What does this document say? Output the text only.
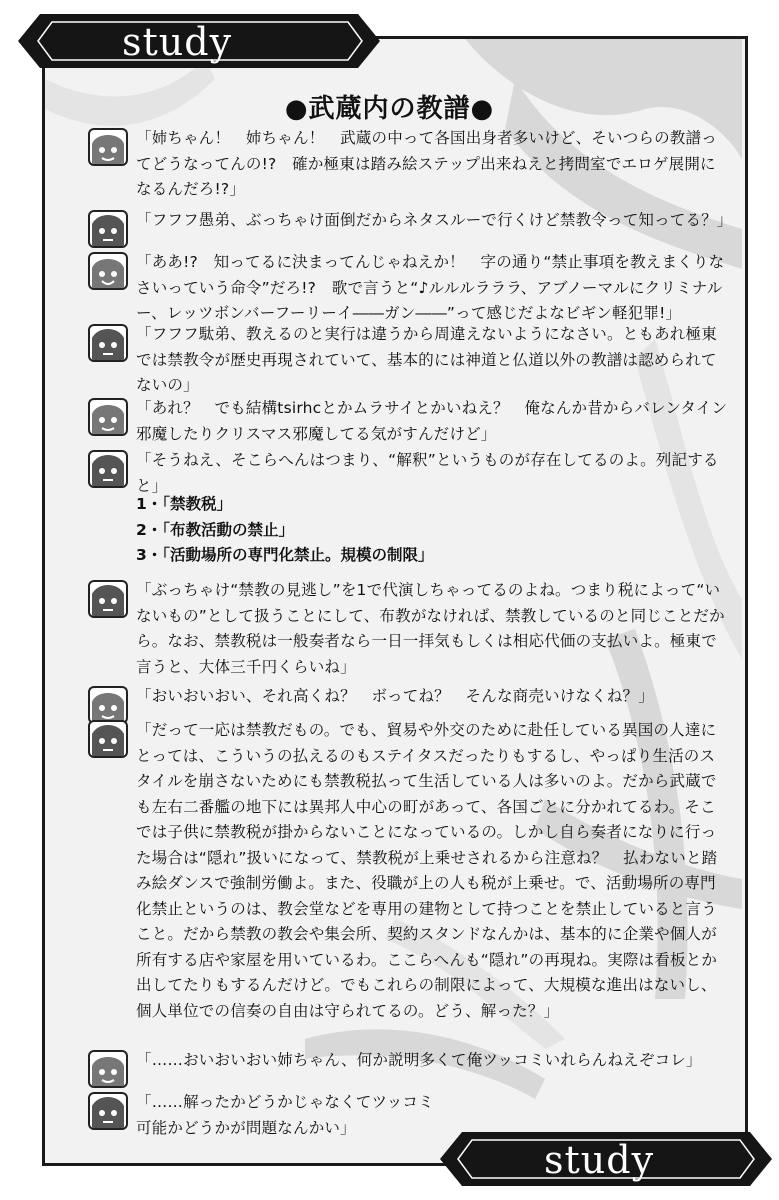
study
●武蔵内の教譜●
「姉ちゃん！　姉ちゃん！　武蔵の中って各国出身者多いけど、そいつらの教譜ってどうなってんの!?　確か極東は踏み絵ステップ出来ねえと拷問室でエロゲ展開になるんだろ!?」
「フフフ愚弟、ぶっちゃけ面倒だからネタスルーで行くけど禁教令って知ってる？」
「ああ!?　知ってるに決まってんじゃねえか！　字の通り“禁止事項を教えまくりなさいっていう命令”だろ!?　歌で言うと“♪ルルルラララ、アブノーマルにクリミナルー、レッツボンバーフーリーイ――ガン――”って感じだよなビギン軽犯罪!」
「フフフ駄弟、教えるのと実行は違うから周違えないようになさい。ともあれ極東では禁教令が歴史再現されていて、基本的には神道と仏道以外の教譜は認められてないの」
「あれ？　でも結構tsirhcとかムラサイとかいねえ？　俺なんか昔からバレンタイン邪魔したりクリスマス邪魔してる気がすんだけど」
「そうねえ、そこらへんはつまり、“解釈”というものが存在してるのよ。列記すると」
1・「禁教税」
2・「布教活動の禁止」
3・「活動場所の専門化禁止。規模の制限」
「ぶっちゃけ“禁教の見逃し”を1で代演しちゃってるのよね。つまり税によって“いないもの”として扱うことにして、布教がなければ、禁教しているのと同じことだから。なお、禁教税は一般奏者なら一日一拝気もしくは相応代価の支払いよ。極東で言うと、大体三千円くらいね」
「おいおいおい、それ高くね？　ボってね？　そんな商売いけなくね？」
「だって一応は禁教だもの。でも、貿易や外交のために赴任している異国の人達にとっては、こういうの払えるのもステイタスだったりもするし、やっぱり生活のスタイルを崩さないためにも禁教税払って生活している人は多いのよ。だから武蔵でも左右二番艦の地下には異邦人中心の町があって、各国ごとに分かれてるわ。そこでは子供に禁教税が掛からないことになっているの。しかし自ら奏者になりに行った場合は“隠れ”扱いになって、禁教税が上乗せされるから注意ね？　払わないと踏み絵ダンスで強制労働よ。また、役職が上の人も税が上乗せ。で、活動場所の専門化禁止というのは、教会堂などを専用の建物として持つことを禁止していると言うこと。だから禁教の教会や集会所、契約スタンドなんかは、基本的に企業や個人が所有する店や家屋を用いているわ。ここらへんも“隠れ”の再現ね。実際は看板とか出してたりもするんだけど。でもこれらの制限によって、大規模な進出はないし、個人単位での信奏の自由は守られてるの。どう、解った？」
「……おいおいおい姉ちゃん、何か説明多くて俺ツッコミいれらんねえぞコレ」
「……解ったかどうかじゃなくてツッコミ可能かどうかが問題なんかい」
study
